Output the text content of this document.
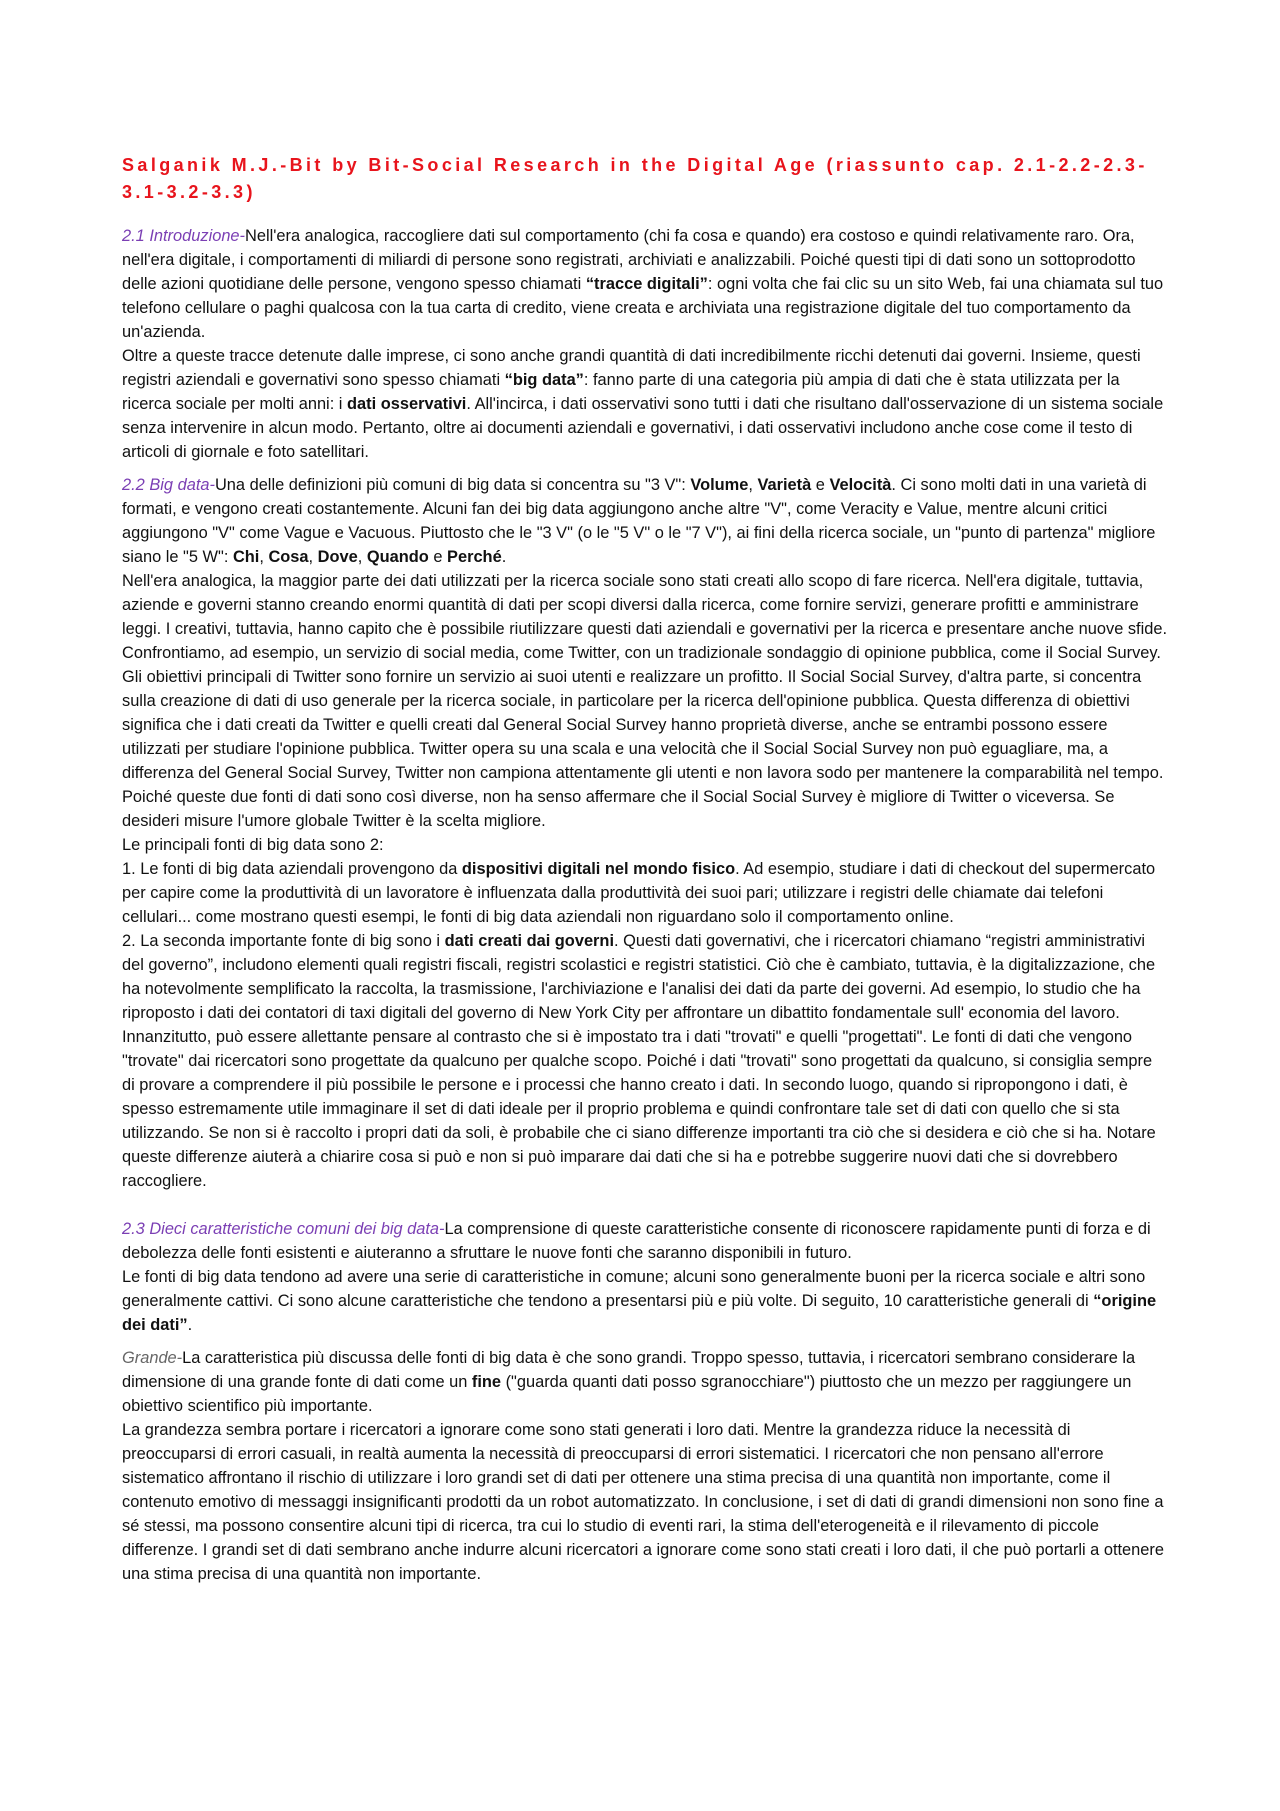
Salganik M.J.-Bit by Bit-Social Research in the Digital Age (riassunto cap. 2.1-2.2-2.3-3.1-3.2-3.3)

2.1 Introduzione-Nell'era analogica, raccogliere dati sul comportamento (chi fa cosa e quando) era costoso e quindi relativamente raro. Ora, nell'era digitale, i comportamenti di miliardi di persone sono registrati, archiviati e analizzabili. Poiché questi tipi di dati sono un sottoprodotto delle azioni quotidiane delle persone, vengono spesso chiamati “tracce digitali”: ogni volta che fai clic su un sito Web, fai una chiamata sul tuo telefono cellulare o paghi qualcosa con la tua carta di credito, viene creata e archiviata una registrazione digitale del tuo comportamento da un'azienda.

Oltre a queste tracce detenute dalle imprese, ci sono anche grandi quantità di dati incredibilmente ricchi detenuti dai governi. Insieme, questi registri aziendali e governativi sono spesso chiamati “big data”: fanno parte di una categoria più ampia di dati che è stata utilizzata per la ricerca sociale per molti anni: i dati osservativi. All'incirca, i dati osservativi sono tutti i dati che risultano dall'osservazione di un sistema sociale senza intervenire in alcun modo. Pertanto, oltre ai documenti aziendali e governativi, i dati osservativi includono anche cose come il testo di articoli di giornale e foto satellitari.

2.2 Big data-Una delle definizioni più comuni di big data si concentra su "3 V": Volume, Varietà e Velocità. Ci sono molti dati in una varietà di formati, e vengono creati costantemente. Alcuni fan dei big data aggiungono anche altre "V", come Veracity e Value, mentre alcuni critici aggiungono "V" come Vague e Vacuous. Piuttosto che le "3 V" (o le "5 V" o le "7 V"), ai fini della ricerca sociale, un "punto di partenza" migliore siano le "5 W": Chi, Cosa, Dove, Quando e Perché.

Nell'era analogica, la maggior parte dei dati utilizzati per la ricerca sociale sono stati creati allo scopo di fare ricerca. Nell'era digitale, tuttavia, aziende e governi stanno creando enormi quantità di dati per scopi diversi dalla ricerca, come fornire servizi, generare profitti e amministrare leggi. I creativi, tuttavia, hanno capito che è possibile riutilizzare questi dati aziendali e governativi per la ricerca e presentare anche nuove sfide.

Confrontiamo, ad esempio, un servizio di social media, come Twitter, con un tradizionale sondaggio di opinione pubblica, come il Social Survey. Gli obiettivi principali di Twitter sono fornire un servizio ai suoi utenti e realizzare un profitto. Il Social Social Survey, d'altra parte, si concentra sulla creazione di dati di uso generale per la ricerca sociale, in particolare per la ricerca dell'opinione pubblica. Questa differenza di obiettivi significa che i dati creati da Twitter e quelli creati dal General Social Survey hanno proprietà diverse, anche se entrambi possono essere utilizzati per studiare l'opinione pubblica. Twitter opera su una scala e una velocità che il Social Social Survey non può eguagliare, ma, a differenza del General Social Survey, Twitter non campiona attentamente gli utenti e non lavora sodo per mantenere la comparabilità nel tempo. Poiché queste due fonti di dati sono così diverse, non ha senso affermare che il Social Social Survey è migliore di Twitter o viceversa. Se desideri misure l'umore globale Twitter è la scelta migliore.

Le principali fonti di big data sono 2:

1. Le fonti di big data aziendali provengono da dispositivi digitali nel mondo fisico. Ad esempio, studiare i dati di checkout del supermercato per capire come la produttività di un lavoratore è influenzata dalla produttività dei suoi pari; utilizzare i registri delle chiamate dai telefoni cellulari... come mostrano questi esempi, le fonti di big data aziendali non riguardano solo il comportamento online.

2. La seconda importante fonte di big sono i dati creati dai governi. Questi dati governativi, che i ricercatori chiamano “registri amministrativi del governo”, includono elementi quali registri fiscali, registri scolastici e registri statistici. Ciò che è cambiato, tuttavia, è la digitalizzazione, che ha notevolmente semplificato la raccolta, la trasmissione, l'archiviazione e l'analisi dei dati da parte dei governi. Ad esempio, lo studio che ha riproposto i dati dei contatori di taxi digitali del governo di New York City per affrontare un dibattito fondamentale sull' economia del lavoro. Innanzitutto, può essere allettante pensare al contrasto che si è impostato tra i dati "trovati" e quelli "progettati". Le fonti di dati che vengono "trovate" dai ricercatori sono progettate da qualcuno per qualche scopo. Poiché i dati "trovati" sono progettati da qualcuno, si consiglia sempre di provare a comprendere il più possibile le persone e i processi che hanno creato i dati. In secondo luogo, quando si ripropongono i dati, è spesso estremamente utile immaginare il set di dati ideale per il proprio problema e quindi confrontare tale set di dati con quello che si sta utilizzando. Se non si è raccolto i propri dati da soli, è probabile che ci siano differenze importanti tra ciò che si desidera e ciò che si ha. Notare queste differenze aiuterà a chiarire cosa si può e non si può imparare dai dati che si ha e potrebbe suggerire nuovi dati che si dovrebbero raccogliere.

2.3 Dieci caratteristiche comuni dei big data-La comprensione di queste caratteristiche consente di riconoscere rapidamente punti di forza e di debolezza delle fonti esistenti e aiuteranno a sfruttare le nuove fonti che saranno disponibili in futuro.

Le fonti di big data tendono ad avere una serie di caratteristiche in comune; alcuni sono generalmente buoni per la ricerca sociale e altri sono generalmente cattivi. Ci sono alcune caratteristiche che tendono a presentarsi più e più volte. Di seguito, 10 caratteristiche generali di “origine dei dati”.

Grande-La caratteristica più discussa delle fonti di big data è che sono grandi. Troppo spesso, tuttavia, i ricercatori sembrano considerare la dimensione di una grande fonte di dati come un fine ("guarda quanti dati posso sgranocchiare") piuttosto che un mezzo per raggiungere un obiettivo scientifico più importante.

La grandezza sembra portare i ricercatori a ignorare come sono stati generati i loro dati. Mentre la grandezza riduce la necessità di preoccuparsi di errori casuali, in realtà aumenta la necessità di preoccuparsi di errori sistematici. I ricercatori che non pensano all'errore sistematico affrontano il rischio di utilizzare i loro grandi set di dati per ottenere una stima precisa di una quantità non importante, come il contenuto emotivo di messaggi insignificanti prodotti da un robot automatizzato. In conclusione, i set di dati di grandi dimensioni non sono fine a sé stessi, ma possono consentire alcuni tipi di ricerca, tra cui lo studio di eventi rari, la stima dell'eterogeneità e il rilevamento di piccole differenze. I grandi set di dati sembrano anche indurre alcuni ricercatori a ignorare come sono stati creati i loro dati, il che può portarli a ottenere una stima precisa di una quantità non importante.
